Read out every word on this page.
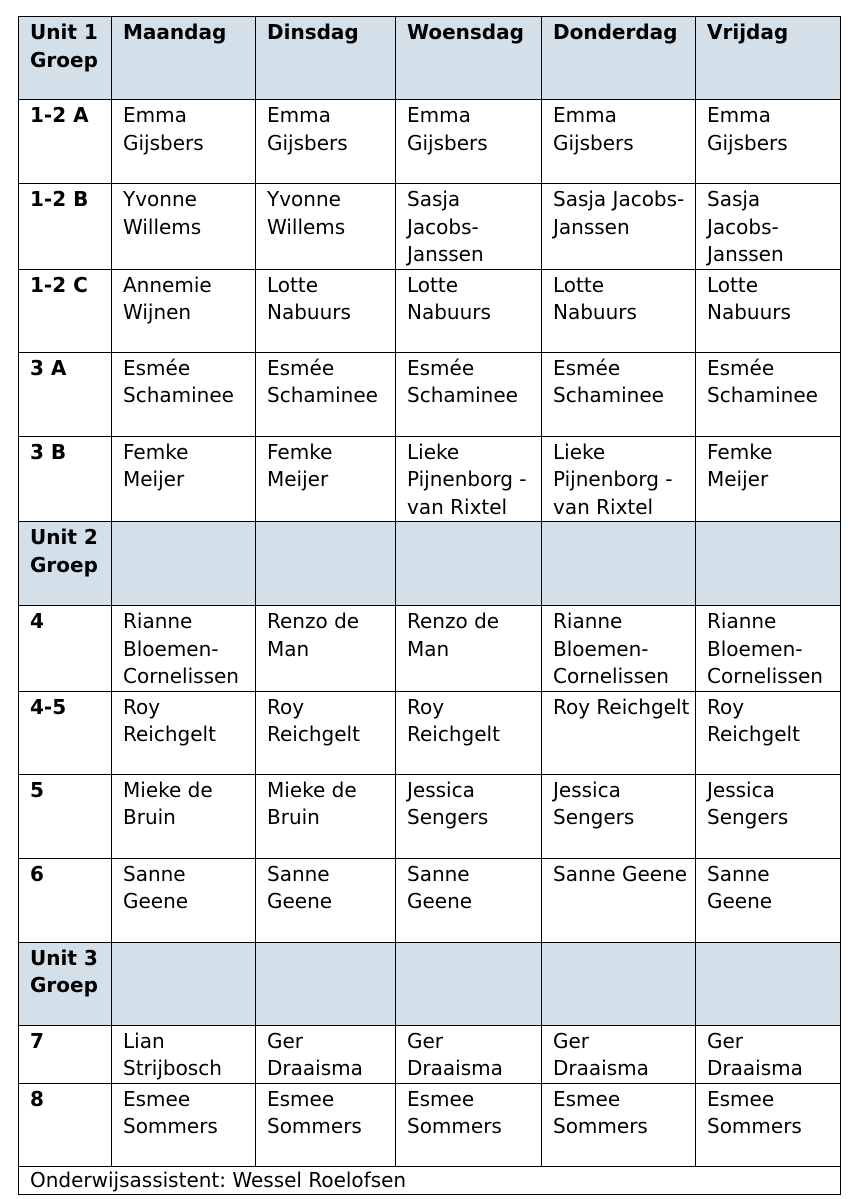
Unit 1 Groep	Maandag	Dinsdag	Woensdag	Donderdag	Vrijdag
1-2 A	Emma Gijsbers	Emma Gijsbers	Emma Gijsbers	Emma Gijsbers	Emma Gijsbers
1-2 B	Yvonne Willems	Yvonne Willems	Sasja Jacobs-Janssen	Sasja Jacobs-Janssen	Sasja Jacobs-Janssen
1-2 C	Annemie Wijnen	Lotte Nabuurs	Lotte Nabuurs	Lotte Nabuurs	Lotte Nabuurs
3 A	Esmée Schaminee	Esmée Schaminee	Esmée Schaminee	Esmée Schaminee	Esmée Schaminee
3 B	Femke Meijer	Femke Meijer	Lieke Pijnenborg - van Rixtel	Lieke Pijnenborg - van Rixtel	Femke Meijer
Unit 2 Groep					
4	Rianne Bloemen-Cornelissen	Renzo de Man	Renzo de Man	Rianne Bloemen-Cornelissen	Rianne Bloemen-Cornelissen
4-5	Roy Reichgelt	Roy Reichgelt	Roy Reichgelt	Roy Reichgelt	Roy Reichgelt
5	Mieke de Bruin	Mieke de Bruin	Jessica Sengers	Jessica Sengers	Jessica Sengers
6	Sanne Geene	Sanne Geene	Sanne Geene	Sanne Geene	Sanne Geene
Unit 3 Groep					
7	Lian Strijbosch	Ger Draaisma	Ger Draaisma	Ger Draaisma	Ger Draaisma
8	Esmee Sommers	Esmee Sommers	Esmee Sommers	Esmee Sommers	Esmee Sommers
Onderwijsassistent: Wessel Roelofsen					
